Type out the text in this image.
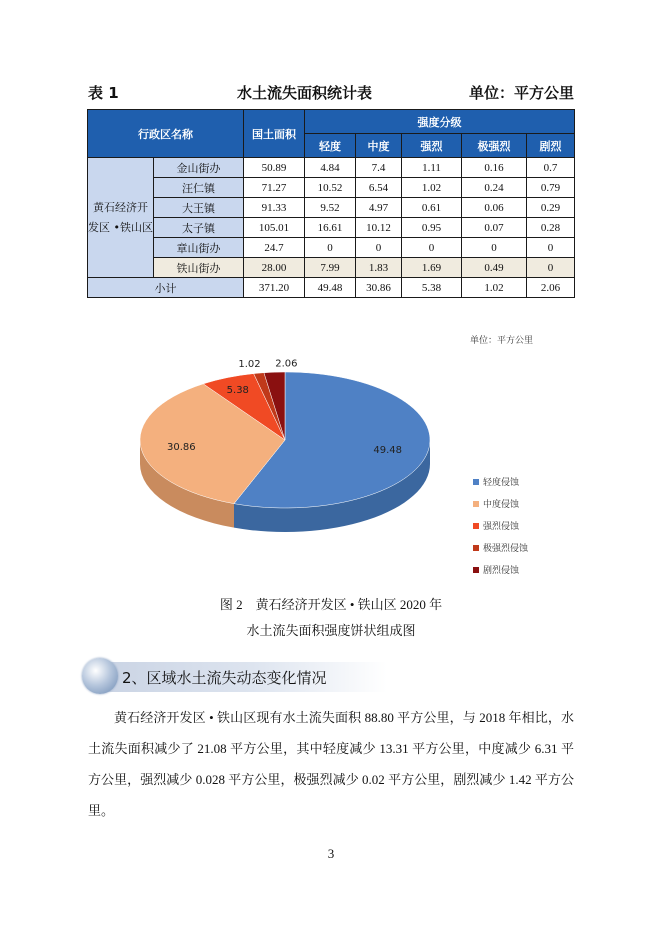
表 1	水土流失面积统计表	单位：平方公里
行政区名称		国土面积	强度分级				
			轻度	中度	强烈	极强烈	剧烈
黄石经济开发区 •铁山区	金山街办	50.89	4.84	7.4	1.11	0.16	0.7
	汪仁镇	71.27	10.52	6.54	1.02	0.24	0.79
	大王镇	91.33	9.52	4.97	0.61	0.06	0.29
	太子镇	105.01	16.61	10.12	0.95	0.07	0.28
	章山街办	24.7	0	0	0	0	0
	铁山街办	28.00	7.99	1.83	1.69	0.49	0
小计		371.20	49.48	30.86	5.38	1.02	2.06
单位：平方公里
49.48
30.86
5.38
1.02 2.06
轻度侵蚀
中度侵蚀
强烈侵蚀
极强烈侵蚀
剧烈侵蚀
图 2　黄石经济开发区 • 铁山区 2020 年
水土流失面积强度饼状组成图
2、区域水土流失动态变化情况
黄石经济开发区 • 铁山区现有水土流失面积 88.80 平方公里，与 2018 年相比，水土流失面积减少了 21.08 平方公里，其中轻度减少 13.31 平方公里，中度减少 6.31 平方公里，强烈减少 0.028 平方公里，极强烈减少 0.02 平方公里，剧烈减少 1.42 平方公里。
3
